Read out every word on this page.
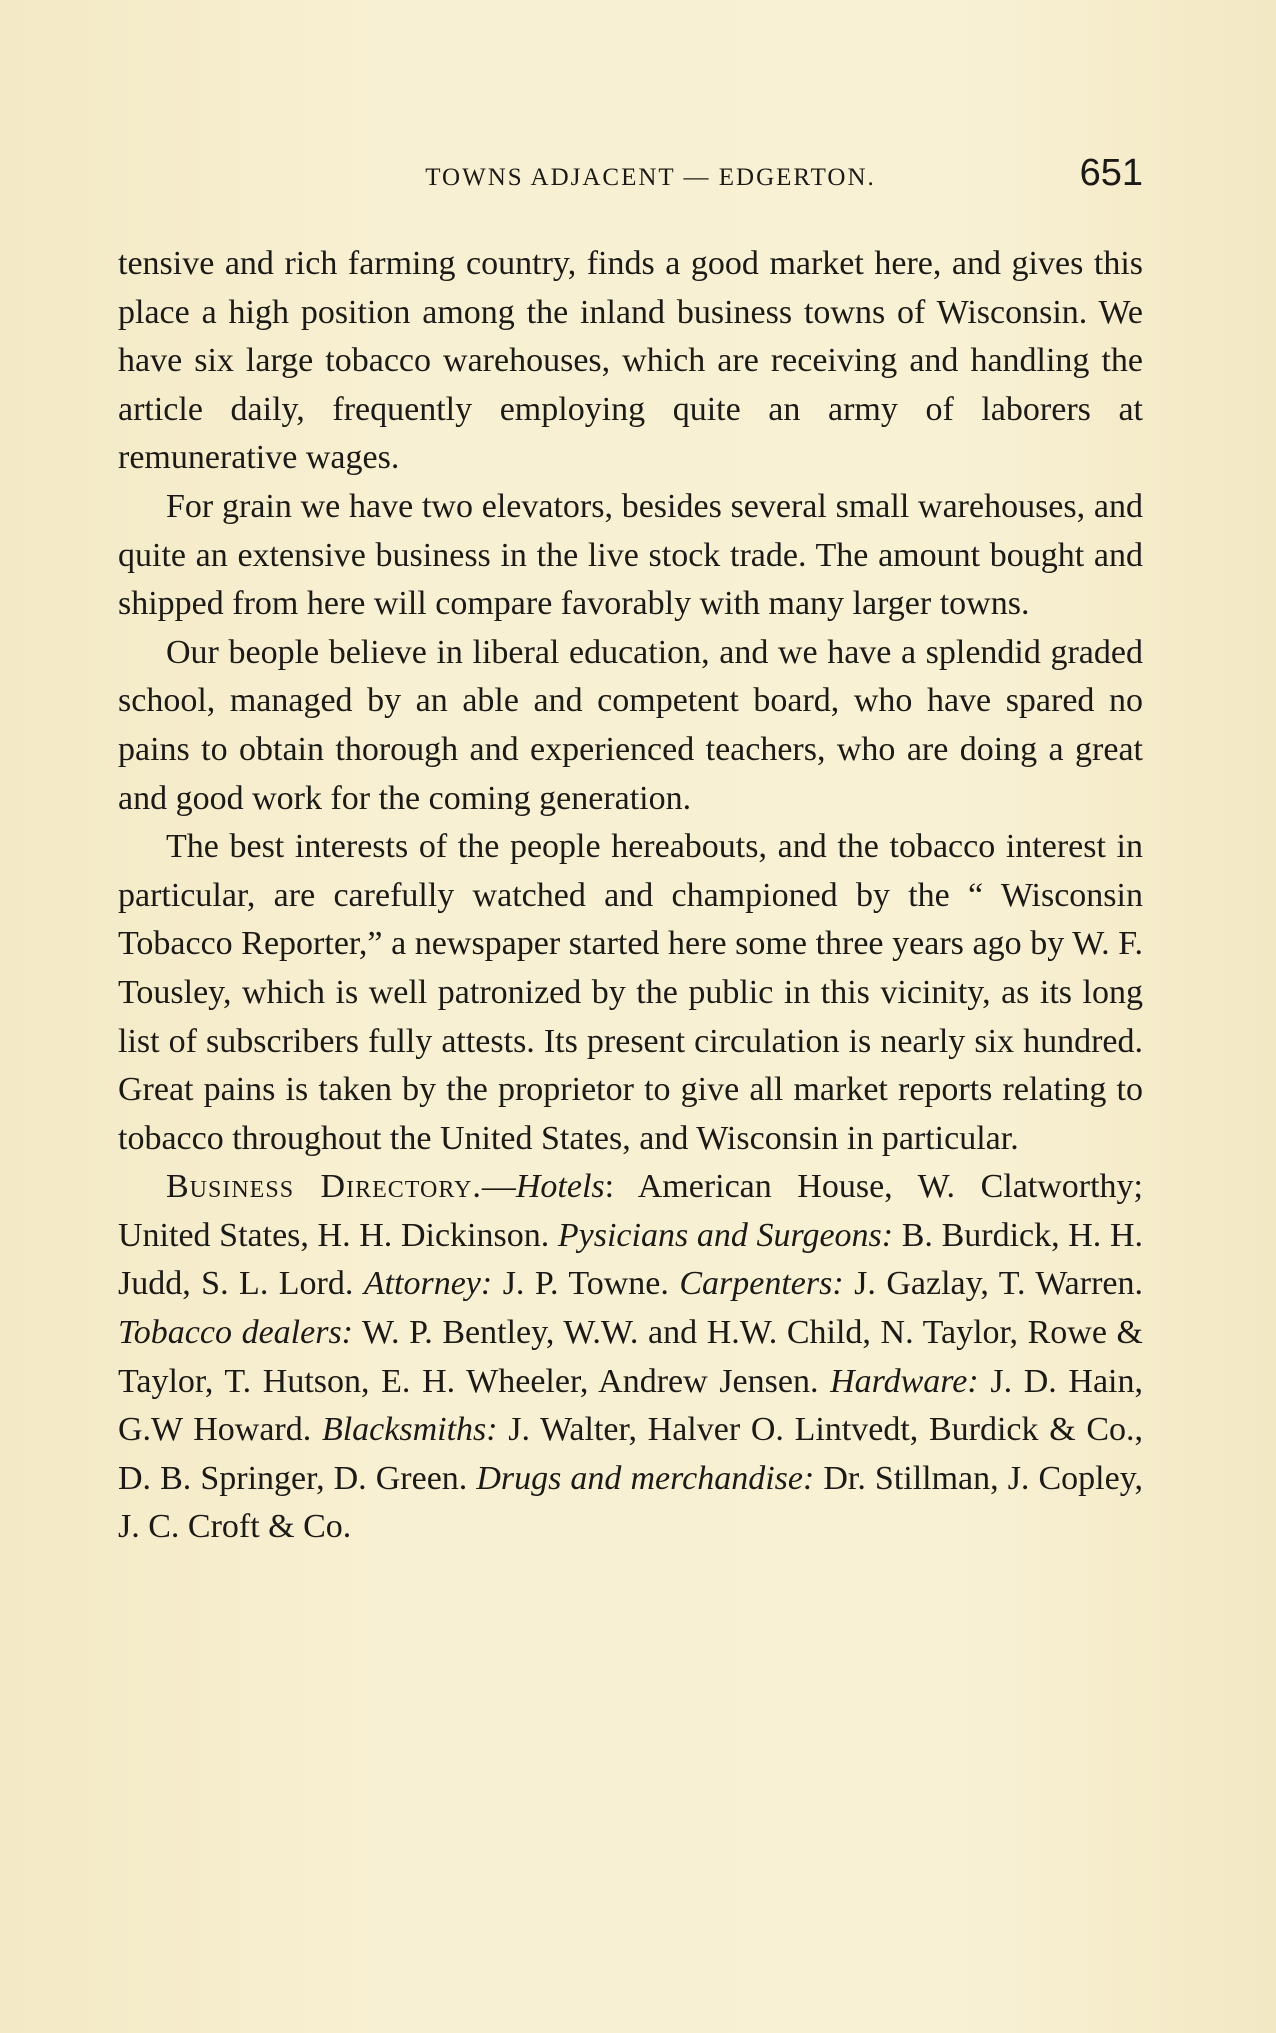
TOWNS ADJACENT — EDGERTON.	651

tensive and rich farming country, finds a good market here, and gives this place a high position among the inland business towns of Wisconsin. We have six large tobacco warehouses, which are receiving and handling the article daily, frequently employing quite an army of laborers at remunerative wages.

For grain we have two elevators, besides several small warehouses, and quite an extensive business in the live stock trade. The amount bought and shipped from here will compare favorably with many larger towns.

Our beople believe in liberal education, and we have a splendid graded school, managed by an able and competent board, who have spared no pains to obtain thorough and experienced teachers, who are doing a great and good work for the coming generation.

The best interests of the people hereabouts, and the tobacco interest in particular, are carefully watched and championed by the “ Wisconsin Tobacco Reporter,” a newspaper started here some three years ago by W. F. Tousley, which is well patronized by the public in this vicinity, as its long list of subscribers fully attests. Its present circulation is nearly six hundred. Great pains is taken by the proprietor to give all market reports relating to tobacco throughout the United States, and Wisconsin in particular.

Business Directory.—Hotels: American House, W. Clatworthy; United States, H. H. Dickinson. Pysicians and Surgeons: B. Burdick, H. H. Judd, S. L. Lord. Attorney: J. P. Towne. Carpenters: J. Gazlay, T. Warren. Tobacco dealers: W. P. Bentley, W.W. and H.W. Child, N. Taylor, Rowe & Taylor, T. Hutson, E. H. Wheeler, Andrew Jensen. Hardware: J. D. Hain, G.W Howard. Blacksmiths: J. Walter, Halver O. Lintvedt, Burdick & Co., D. B. Springer, D. Green. Drugs and merchandise: Dr. Stillman, J. Copley, J. C. Croft & Co.
